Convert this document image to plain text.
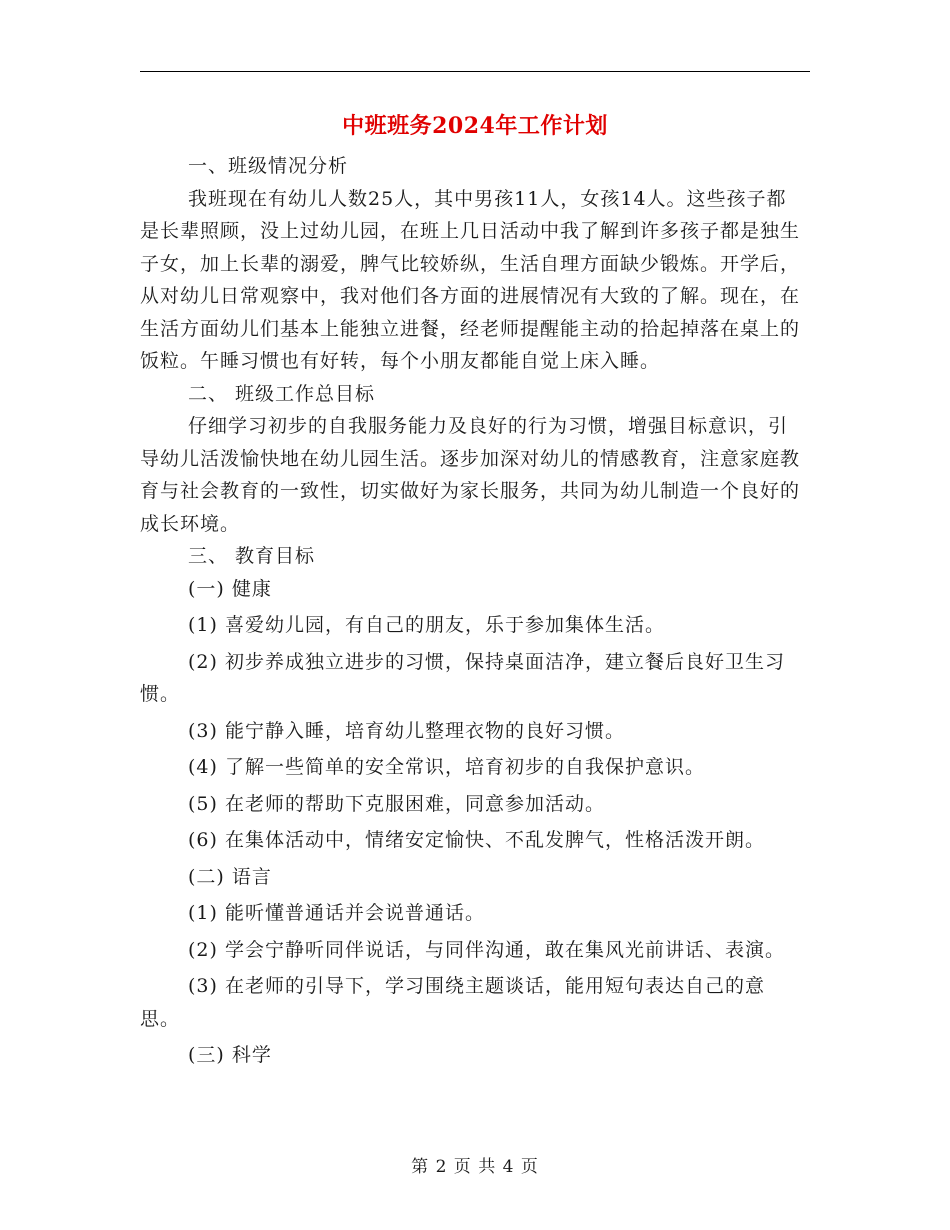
中班班务2024年工作计划

一、班级情况分析

我班现在有幼儿人数25人，其中男孩11人，女孩14人。这些孩子都是长辈照顾，没上过幼儿园，在班上几日活动中我了解到许多孩子都是独生子女，加上长辈的溺爱，脾气比较娇纵，生活自理方面缺少锻炼。开学后，从对幼儿日常观察中，我对他们各方面的进展情况有大致的了解。现在，在生活方面幼儿们基本上能独立进餐，经老师提醒能主动的拾起掉落在桌上的饭粒。午睡习惯也有好转，每个小朋友都能自觉上床入睡。

二、 班级工作总目标

仔细学习初步的自我服务能力及良好的行为习惯，增强目标意识，引导幼儿活泼愉快地在幼儿园生活。逐步加深对幼儿的情感教育，注意家庭教育与社会教育的一致性，切实做好为家长服务，共同为幼儿制造一个良好的成长环境。

三、 教育目标

(一) 健康

(1) 喜爱幼儿园，有自己的朋友，乐于参加集体生活。

(2) 初步养成独立进步的习惯，保持桌面洁净，建立餐后良好卫生习惯。

(3) 能宁静入睡，培育幼儿整理衣物的良好习惯。

(4) 了解一些简单的安全常识，培育初步的自我保护意识。

(5) 在老师的帮助下克服困难，同意参加活动。

(6) 在集体活动中，情绪安定愉快、不乱发脾气，性格活泼开朗。

(二) 语言

(1) 能听懂普通话并会说普通话。

(2) 学会宁静听同伴说话，与同伴沟通，敢在集风光前讲话、表演。

(3) 在老师的引导下，学习围绕主题谈话，能用短句表达自己的意思。

(三) 科学

第 2 页 共 4 页
